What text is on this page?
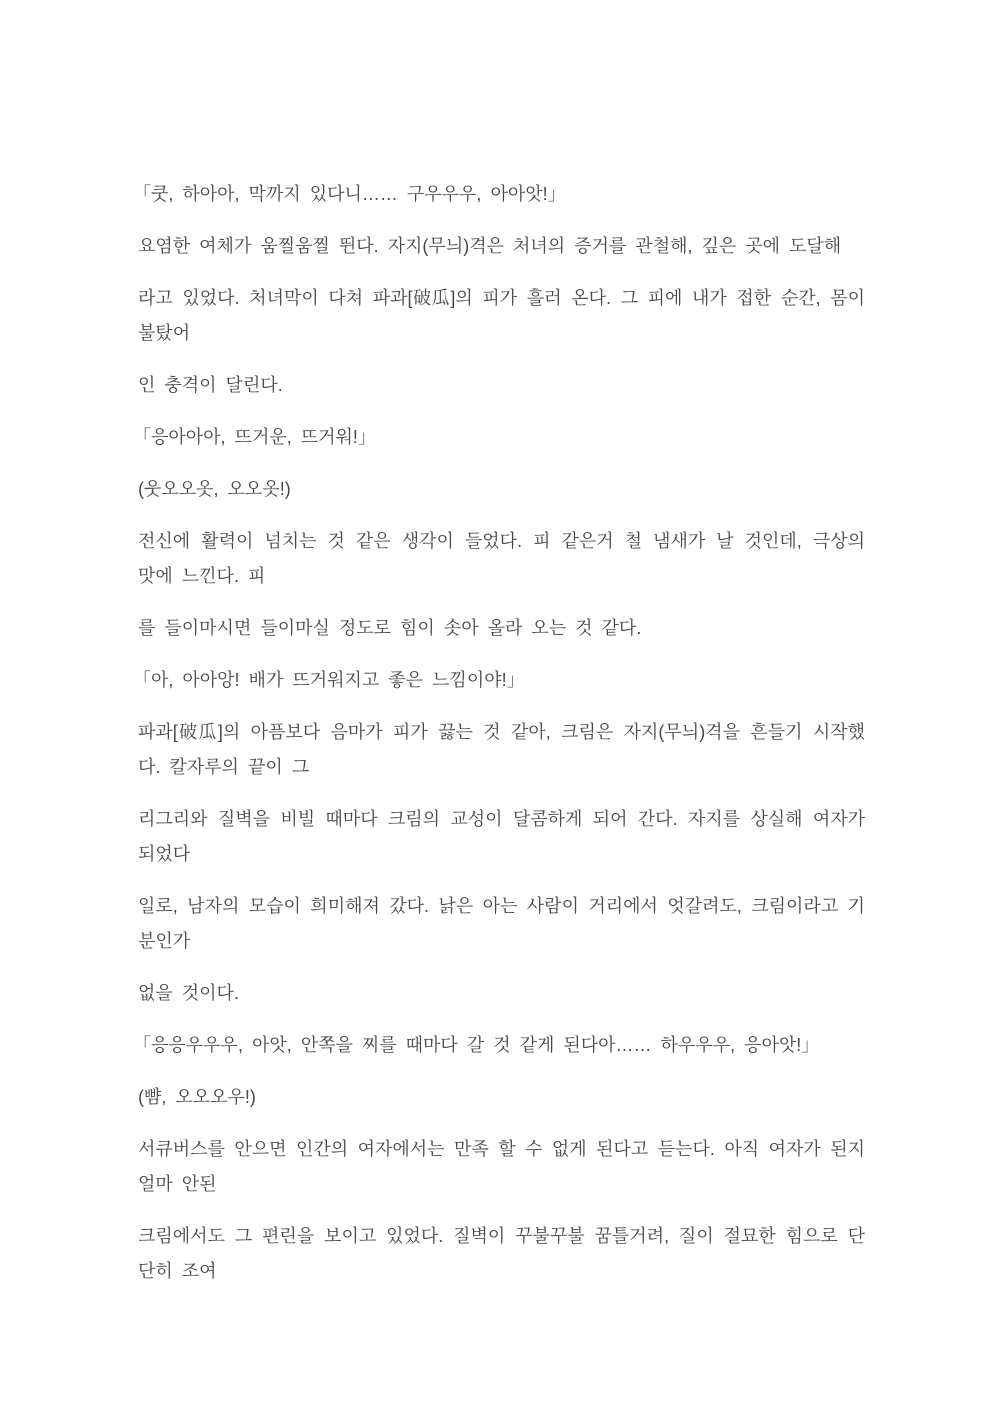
「쿳, 하아아, 막까지 있다니…… 구우우우, 아아앗!」

요염한 여체가 움찔움찔 뛴다. 자지(무늬)격은 처녀의 증거를 관철해, 깊은 곳에 도달해

라고 있었다. 처녀막이 다쳐 파과[破瓜]의 피가 흘러 온다. 그 피에 내가 접한 순간, 몸이 불탔어

인 충격이 달린다.

「응아아아, 뜨거운, 뜨거워!」

(웃오오옷, 오오옷!)

전신에 활력이 넘치는 것 같은 생각이 들었다. 피 같은거 철 냄새가 날 것인데, 극상의 맛에 느낀다. 피

를 들이마시면 들이마실 정도로 힘이 솟아 올라 오는 것 같다.

「아, 아아앙! 배가 뜨거워지고 좋은 느낌이야!」

파과[破瓜]의 아픔보다 음마가 피가 끓는 것 같아, 크림은 자지(무늬)격을 흔들기 시작했다. 칼자루의 끝이 그

리그리와 질벽을 비빌 때마다 크림의 교성이 달콤하게 되어 간다. 자지를 상실해 여자가 되었다

일로, 남자의 모습이 희미해져 갔다. 낡은 아는 사람이 거리에서 엇갈려도, 크림이라고 기분인가

없을 것이다.

「응응우우우, 아앗, 안쪽을 찌를 때마다 갈 것 같게 된다아…… 하우우우, 응아앗!」

(뺨, 오오오우!)

서큐버스를 안으면 인간의 여자에서는 만족 할 수 없게 된다고 듣는다. 아직 여자가 된지 얼마 안된

크림에서도 그 편린을 보이고 있었다. 질벽이 꾸불꾸불 꿈틀거려, 질이 절묘한 힘으로 단단히 조여
